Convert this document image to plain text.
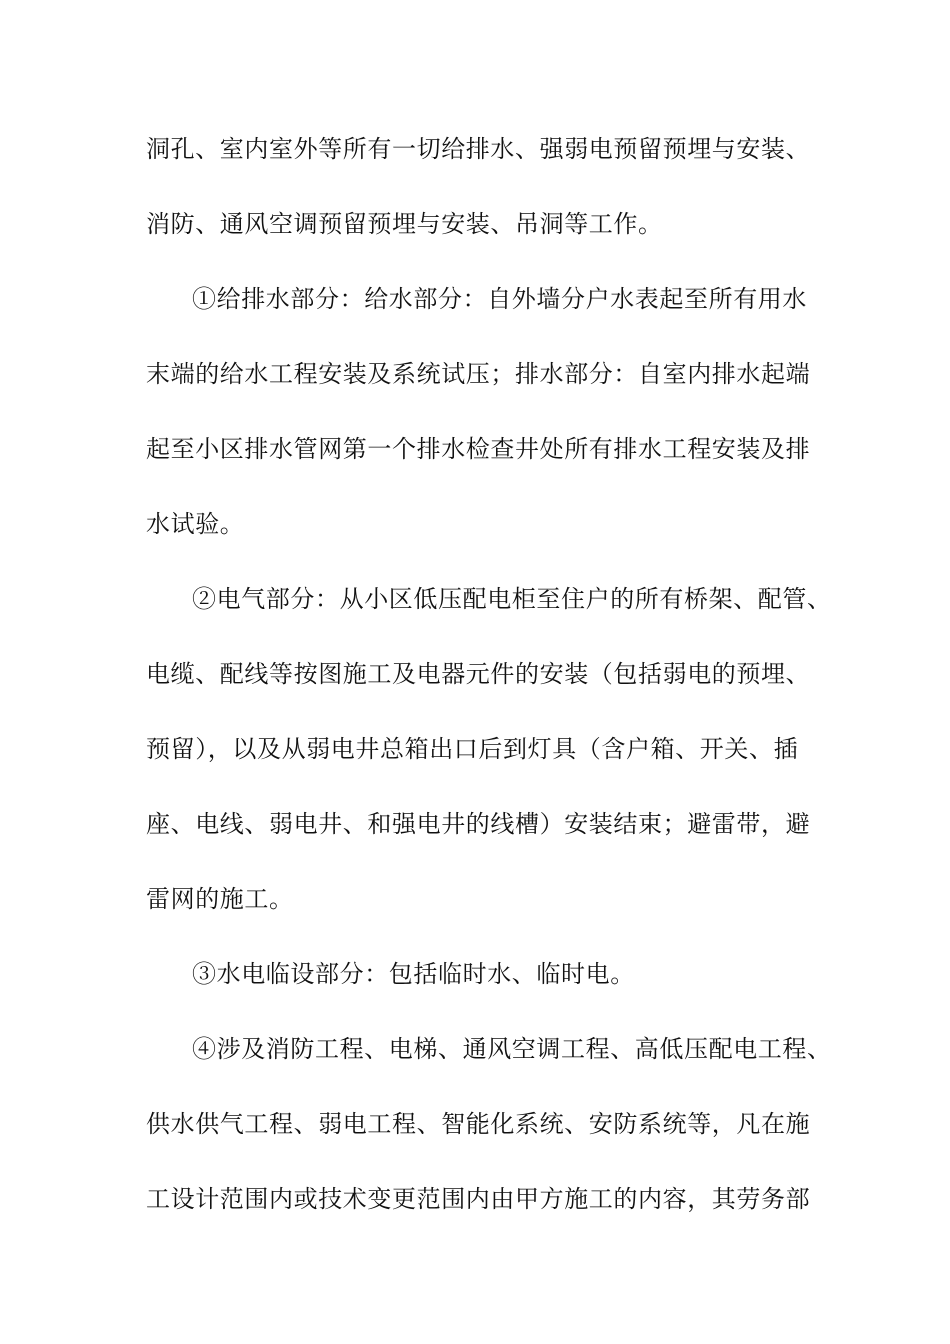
洞孔、室内室外等所有一切给排水、强弱电预留预埋与安装、
消防、通风空调预留预埋与安装、吊洞等工作。
①给排水部分：给水部分：自外墙分户水表起至所有用水
末端的给水工程安装及系统试压；排水部分：自室内排水起端
起至小区排水管网第一个排水检查井处所有排水工程安装及排
水试验。
②电气部分：从小区低压配电柜至住户的所有桥架、配管、
电缆、配线等按图施工及电器元件的安装（包括弱电的预埋、
预留），以及从弱电井总箱出口后到灯具（含户箱、开关、插
座、电线、弱电井、和强电井的线槽）安装结束；避雷带，避
雷网的施工。
③水电临设部分：包括临时水、临时电。
④涉及消防工程、电梯、通风空调工程、高低压配电工程、
供水供气工程、弱电工程、智能化系统、安防系统等，凡在施
工设计范围内或技术变更范围内由甲方施工的内容，其劳务部
